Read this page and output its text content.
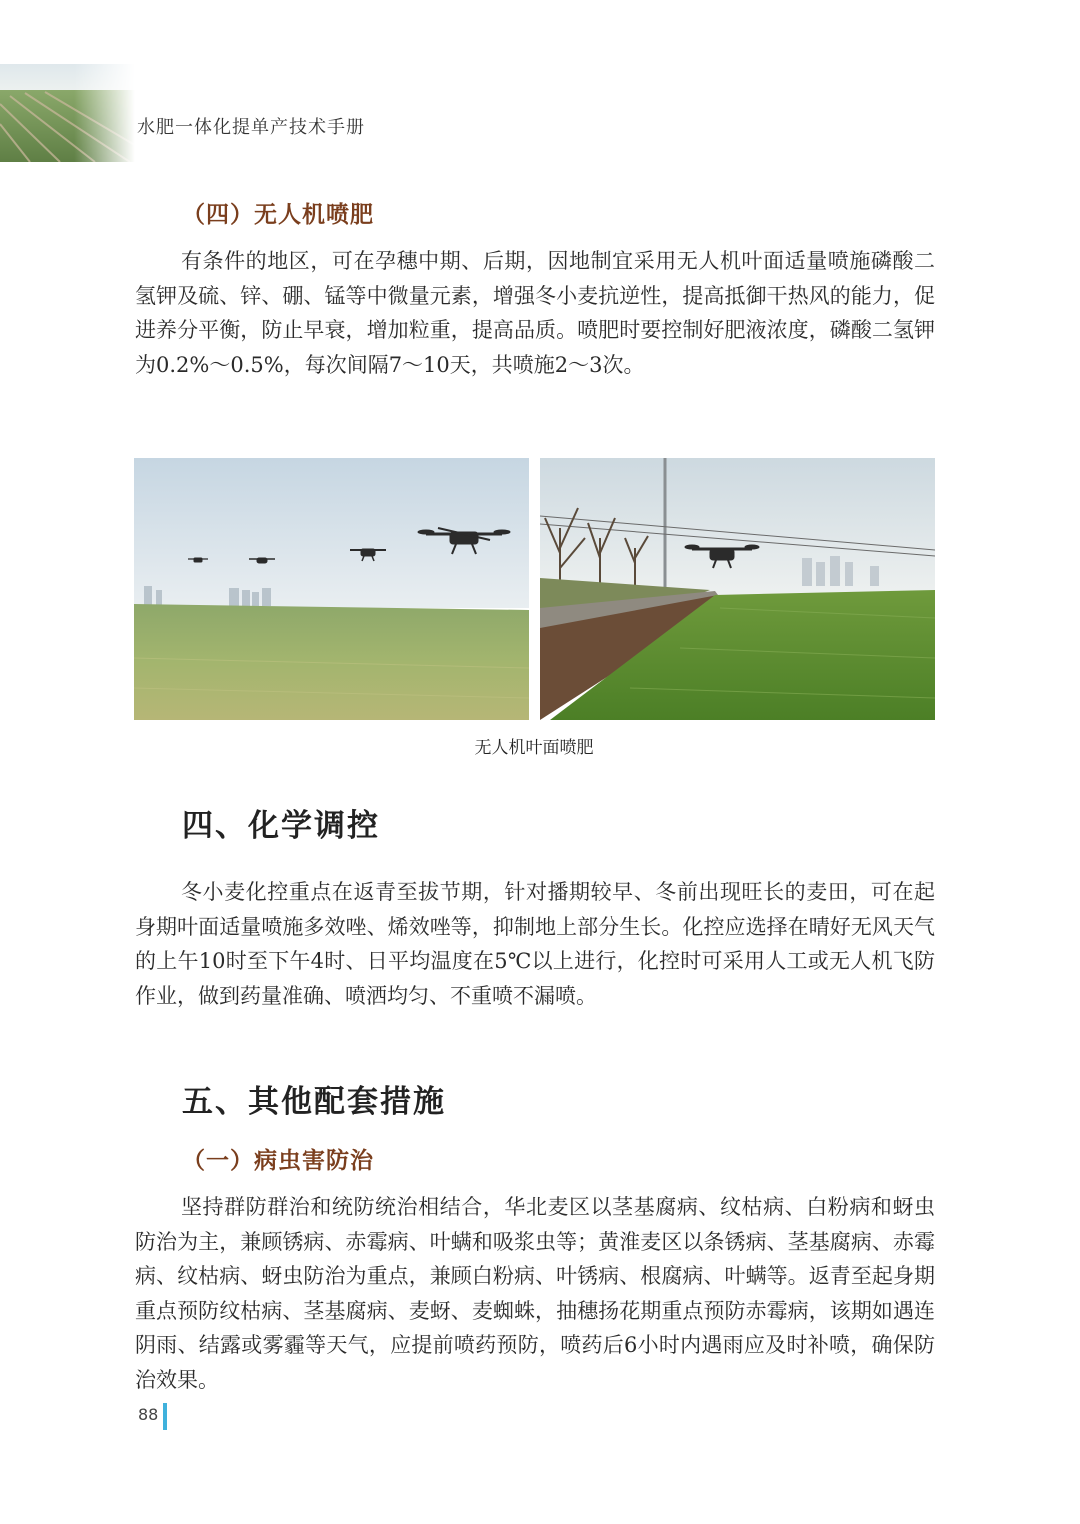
水肥一体化提单产技术手册
（四）无人机喷肥

有条件的地区，可在孕穗中期、后期，因地制宜采用无人机叶面适量喷施磷酸二氢钾及硫、锌、硼、锰等中微量元素，增强冬小麦抗逆性，提高抵御干热风的能力，促进养分平衡，防止早衰，增加粒重，提高品质。喷肥时要控制好肥液浓度，磷酸二氢钾为0.2%～0.5%，每次间隔7～10天，共喷施2～3次。

无人机叶面喷肥
四、化学调控

冬小麦化控重点在返青至拔节期，针对播期较早、冬前出现旺长的麦田，可在起身期叶面适量喷施多效唑、烯效唑等，抑制地上部分生长。化控应选择在晴好无风天气的上午10时至下午4时、日平均温度在5℃以上进行，化控时可采用人工或无人机飞防作业，做到药量准确、喷洒均匀、不重喷不漏喷。

五、其他配套措施
（一）病虫害防治

坚持群防群治和统防统治相结合，华北麦区以茎基腐病、纹枯病、白粉病和蚜虫防治为主，兼顾锈病、赤霉病、叶螨和吸浆虫等；黄淮麦区以条锈病、茎基腐病、赤霉病、纹枯病、蚜虫防治为重点，兼顾白粉病、叶锈病、根腐病、叶螨等。返青至起身期重点预防纹枯病、茎基腐病、麦蚜、麦蜘蛛，抽穗扬花期重点预防赤霉病，该期如遇连阴雨、结露或雾霾等天气，应提前喷药预防，喷药后6小时内遇雨应及时补喷，确保防治效果。

88
